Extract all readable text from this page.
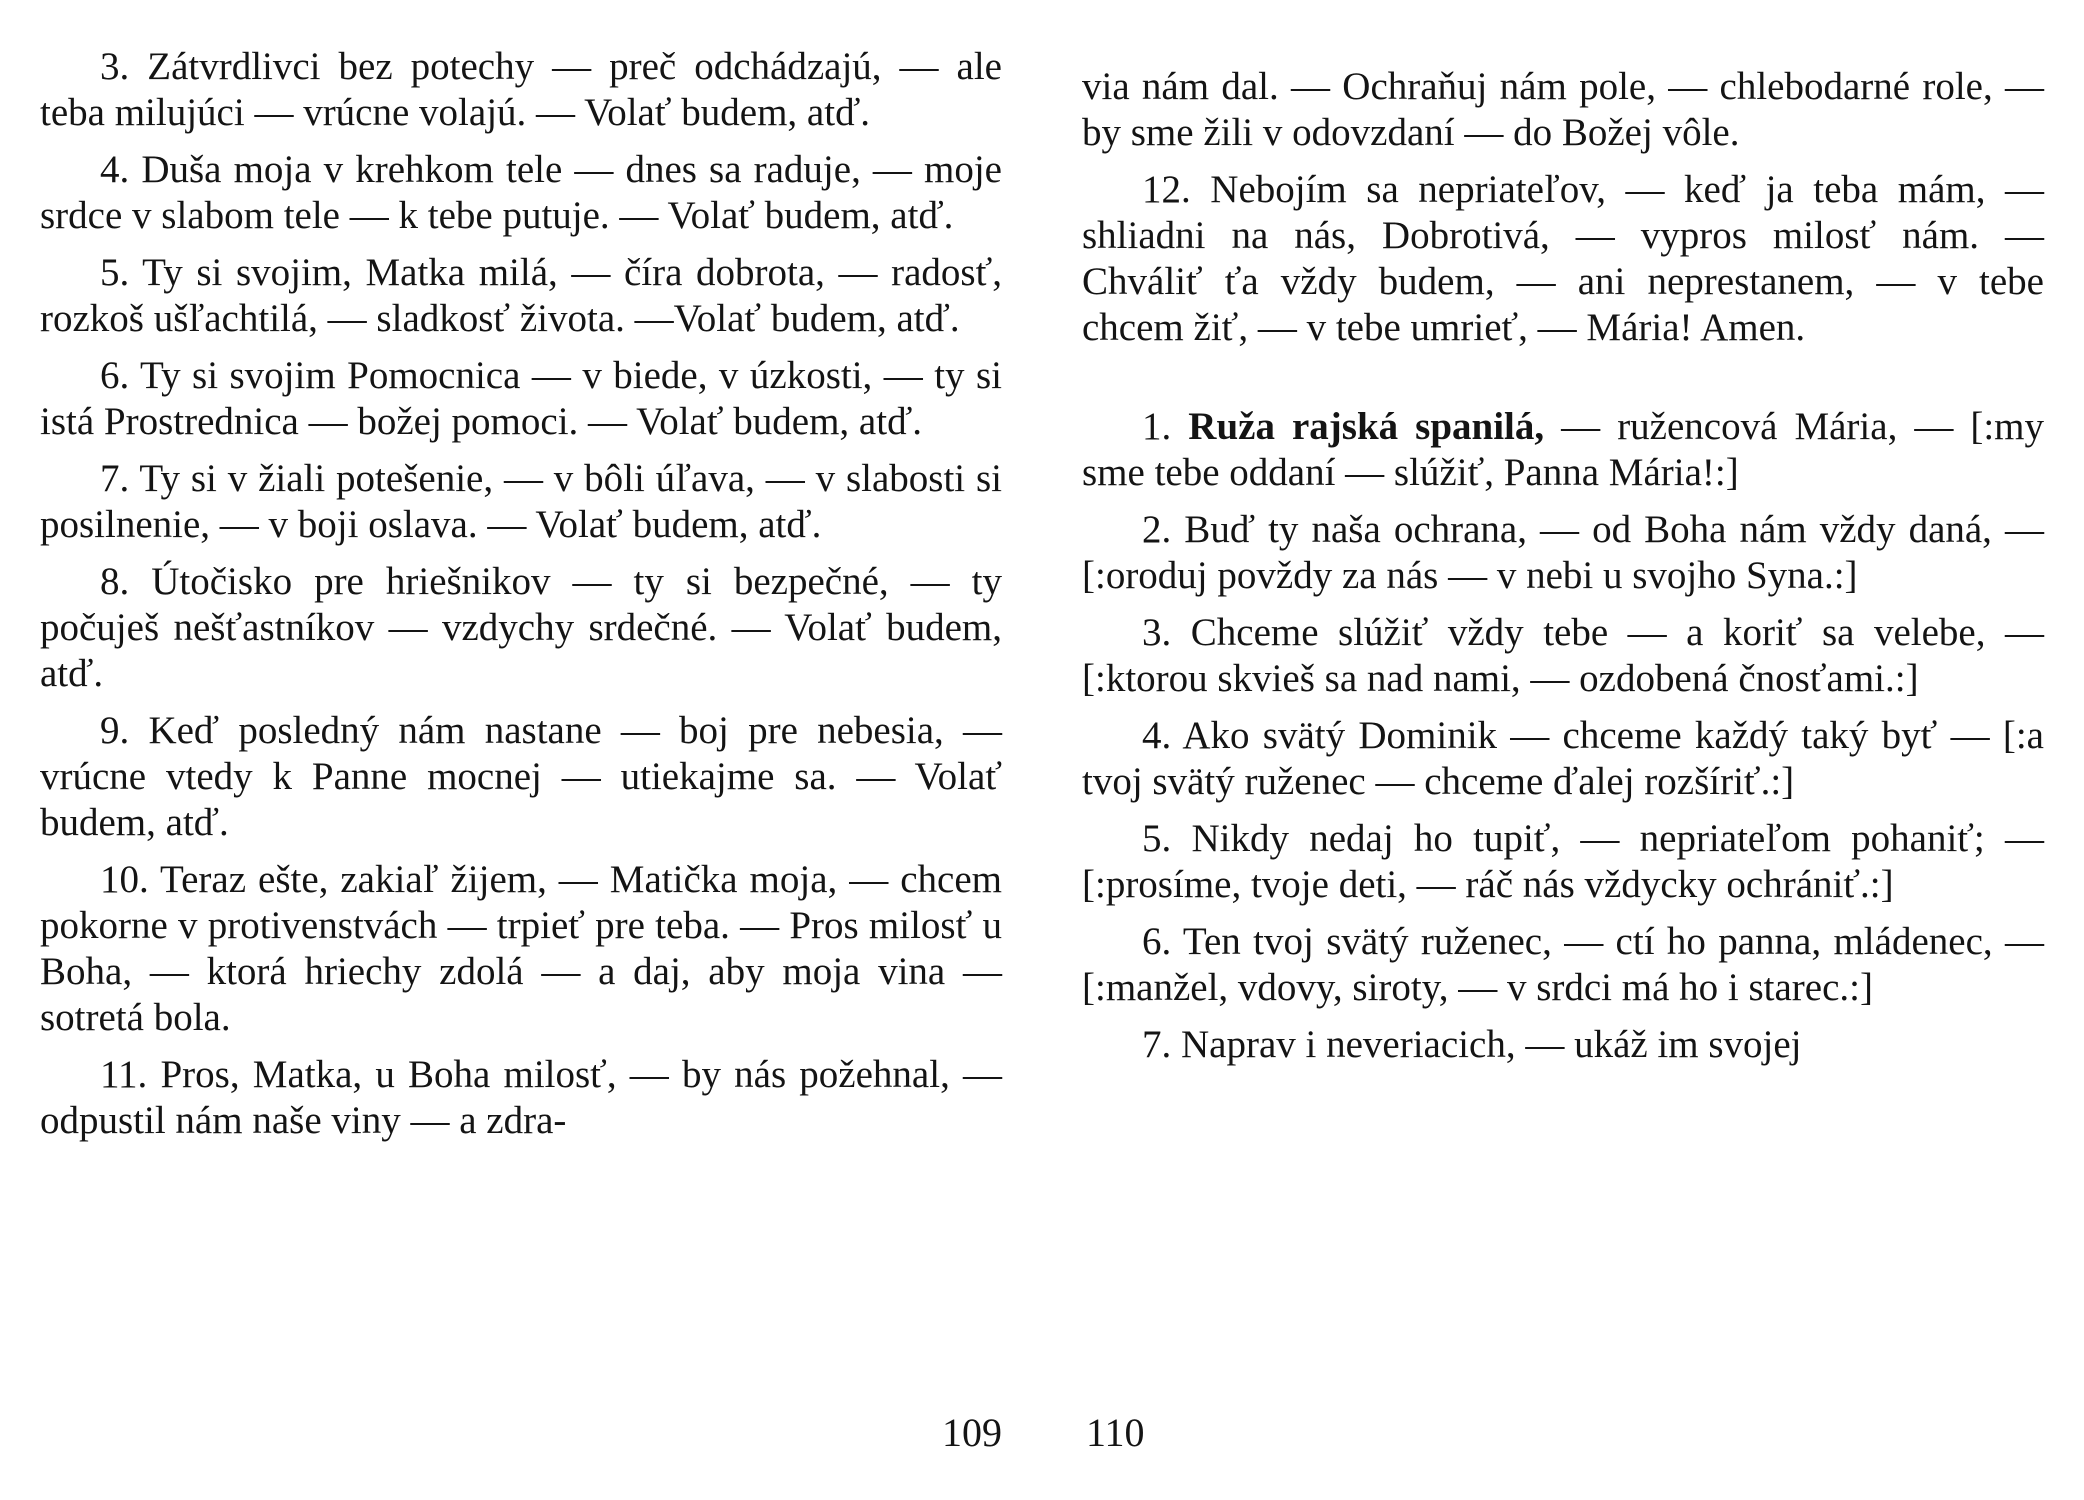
3. Zátvrdlivci bez potechy — preč odchádzajú, — ale teba milujúci — vrúcne volajú. — Volať budem, atď.

4. Duša moja v krehkom tele — dnes sa raduje, — moje srdce v slabom tele — k tebe putuje. — Volať budem, atď.

5. Ty si svojim, Matka milá, — číra dobrota, — radosť, rozkoš ušľachtilá, — sladkosť života. —Volať budem, atď.

6. Ty si svojim Pomocnica — v biede, v úzkosti, — ty si istá Prostrednica — božej pomoci. — Volať budem, atď.

7. Ty si v žiali potešenie, — v bôli úľava, — v slabosti si posilnenie, — v boji oslava. — Volať budem, atď.

8. Útočisko pre hriešnikov — ty si bezpečné, — ty počuješ nešťastníkov — vzdychy srdečné. — Volať budem, atď.

9. Keď posledný nám nastane — boj pre nebesia, — vrúcne vtedy k Panne mocnej — utiekajme sa. — Volať budem, atď.

10. Teraz ešte, zakiaľ žijem, — Matička moja, — chcem pokorne v protivenstvách — trpieť pre teba. — Pros milosť u Boha, — ktorá hriechy zdolá — a daj, aby moja vina — sotretá bola.

11. Pros, Matka, u Boha milosť, — by nás požehnal, — odpustil nám naše viny — a zdra-

109

via nám dal. — Ochraňuj nám pole, — chlebodarné role, — by sme žili v odovzdaní — do Božej vôle.

12. Nebojím sa nepriateľov, — keď ja teba mám, — shliadni na nás, Dobrotivá, — vypros milosť nám. — Chváliť ťa vždy budem, — ani neprestanem, — v tebe chcem žiť, — v tebe umrieť, — Mária! Amen.

1. Ruža rajská spanilá, — ružencová Mária, — [:my sme tebe oddaní — slúžiť, Panna Mária!:]

2. Buď ty naša ochrana, — od Boha nám vždy daná, — [:oroduj povždy za nás — v nebi u svojho Syna.:]

3. Chceme slúžiť vždy tebe — a koriť sa velebe, — [:ktorou skvieš sa nad nami, — ozdobená čnosťami.:]

4. Ako svätý Dominik — chceme každý taký byť — [:a tvoj svätý ruženec — chceme ďalej rozšíriť.:]

5. Nikdy nedaj ho tupiť, — nepriateľom pohaniť; — [:prosíme, tvoje deti, — ráč nás vždycky ochrániť.:]

6. Ten tvoj svätý ruženec, — ctí ho panna, mládenec, — [:manžel, vdovy, siroty, — v srdci má ho i starec.:]

7. Naprav i neveriacich, — ukáž im svojej

110
